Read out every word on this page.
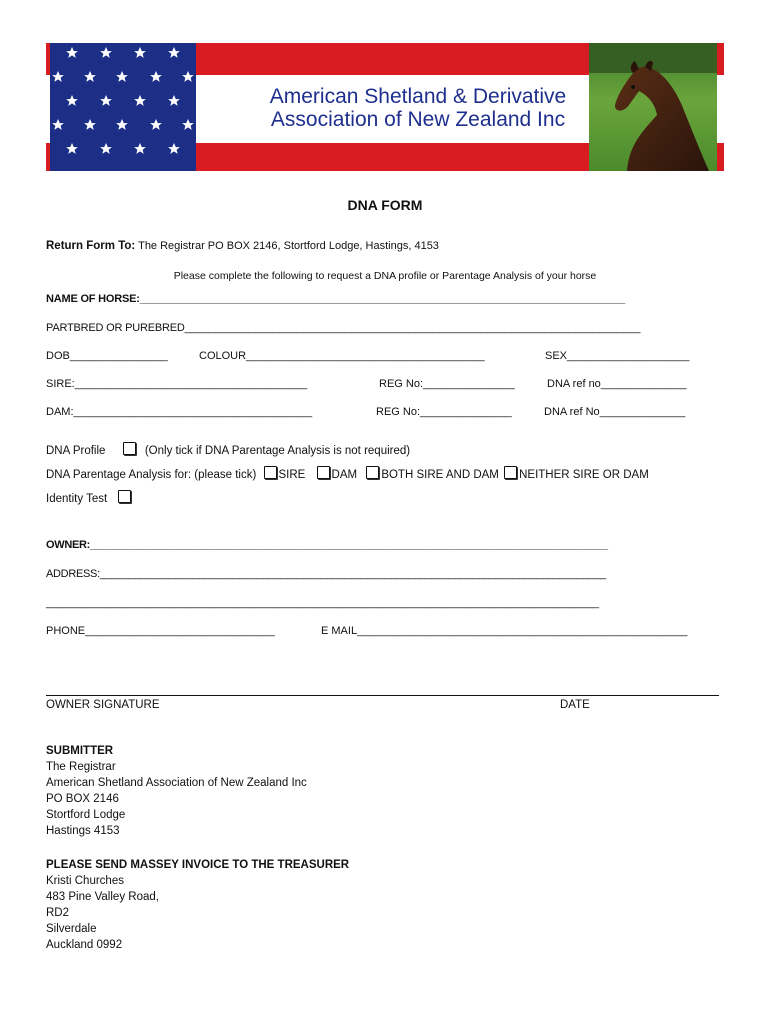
American Shetland & Derivative
Association of New Zealand Inc
DNA FORM
Return Form To: The Registrar PO BOX 2146, Stortford Lodge, Hastings, 4153
Please complete the following to request a DNA profile or Parentage Analysis of your horse
NAME OF HORSE:__________________________________________________________________________________
PARTBRED OR PUREBRED_____________________________________________________________________________
DOB________________	COLOUR_______________________________________	SEX____________________
SIRE:______________________________________	REG No:_______________	DNA ref no______________
DAM:_______________________________________	REG No:_______________	DNA ref No______________
DNA Profile	(Only tick if DNA Parentage Analysis is not required)
DNA Parentage Analysis for: (please tick) SIRE DAM BOTH SIRE AND DAM NEITHER SIRE OR DAM
Identity Test
OWNER:_________________________________________________________________________________________
ADDRESS:_______________________________________________________________________________________
_______________________________________________________________________________________________
PHONE_______________________________	E MAIL______________________________________________________
OWNER SIGNATURE	DATE
SUBMITTER
The Registrar
American Shetland Association of New Zealand Inc
PO BOX 2146
Stortford Lodge
Hastings 4153
PLEASE SEND MASSEY INVOICE TO THE TREASURER
Kristi Churches
483 Pine Valley Road,
RD2
Silverdale
Auckland 0992
